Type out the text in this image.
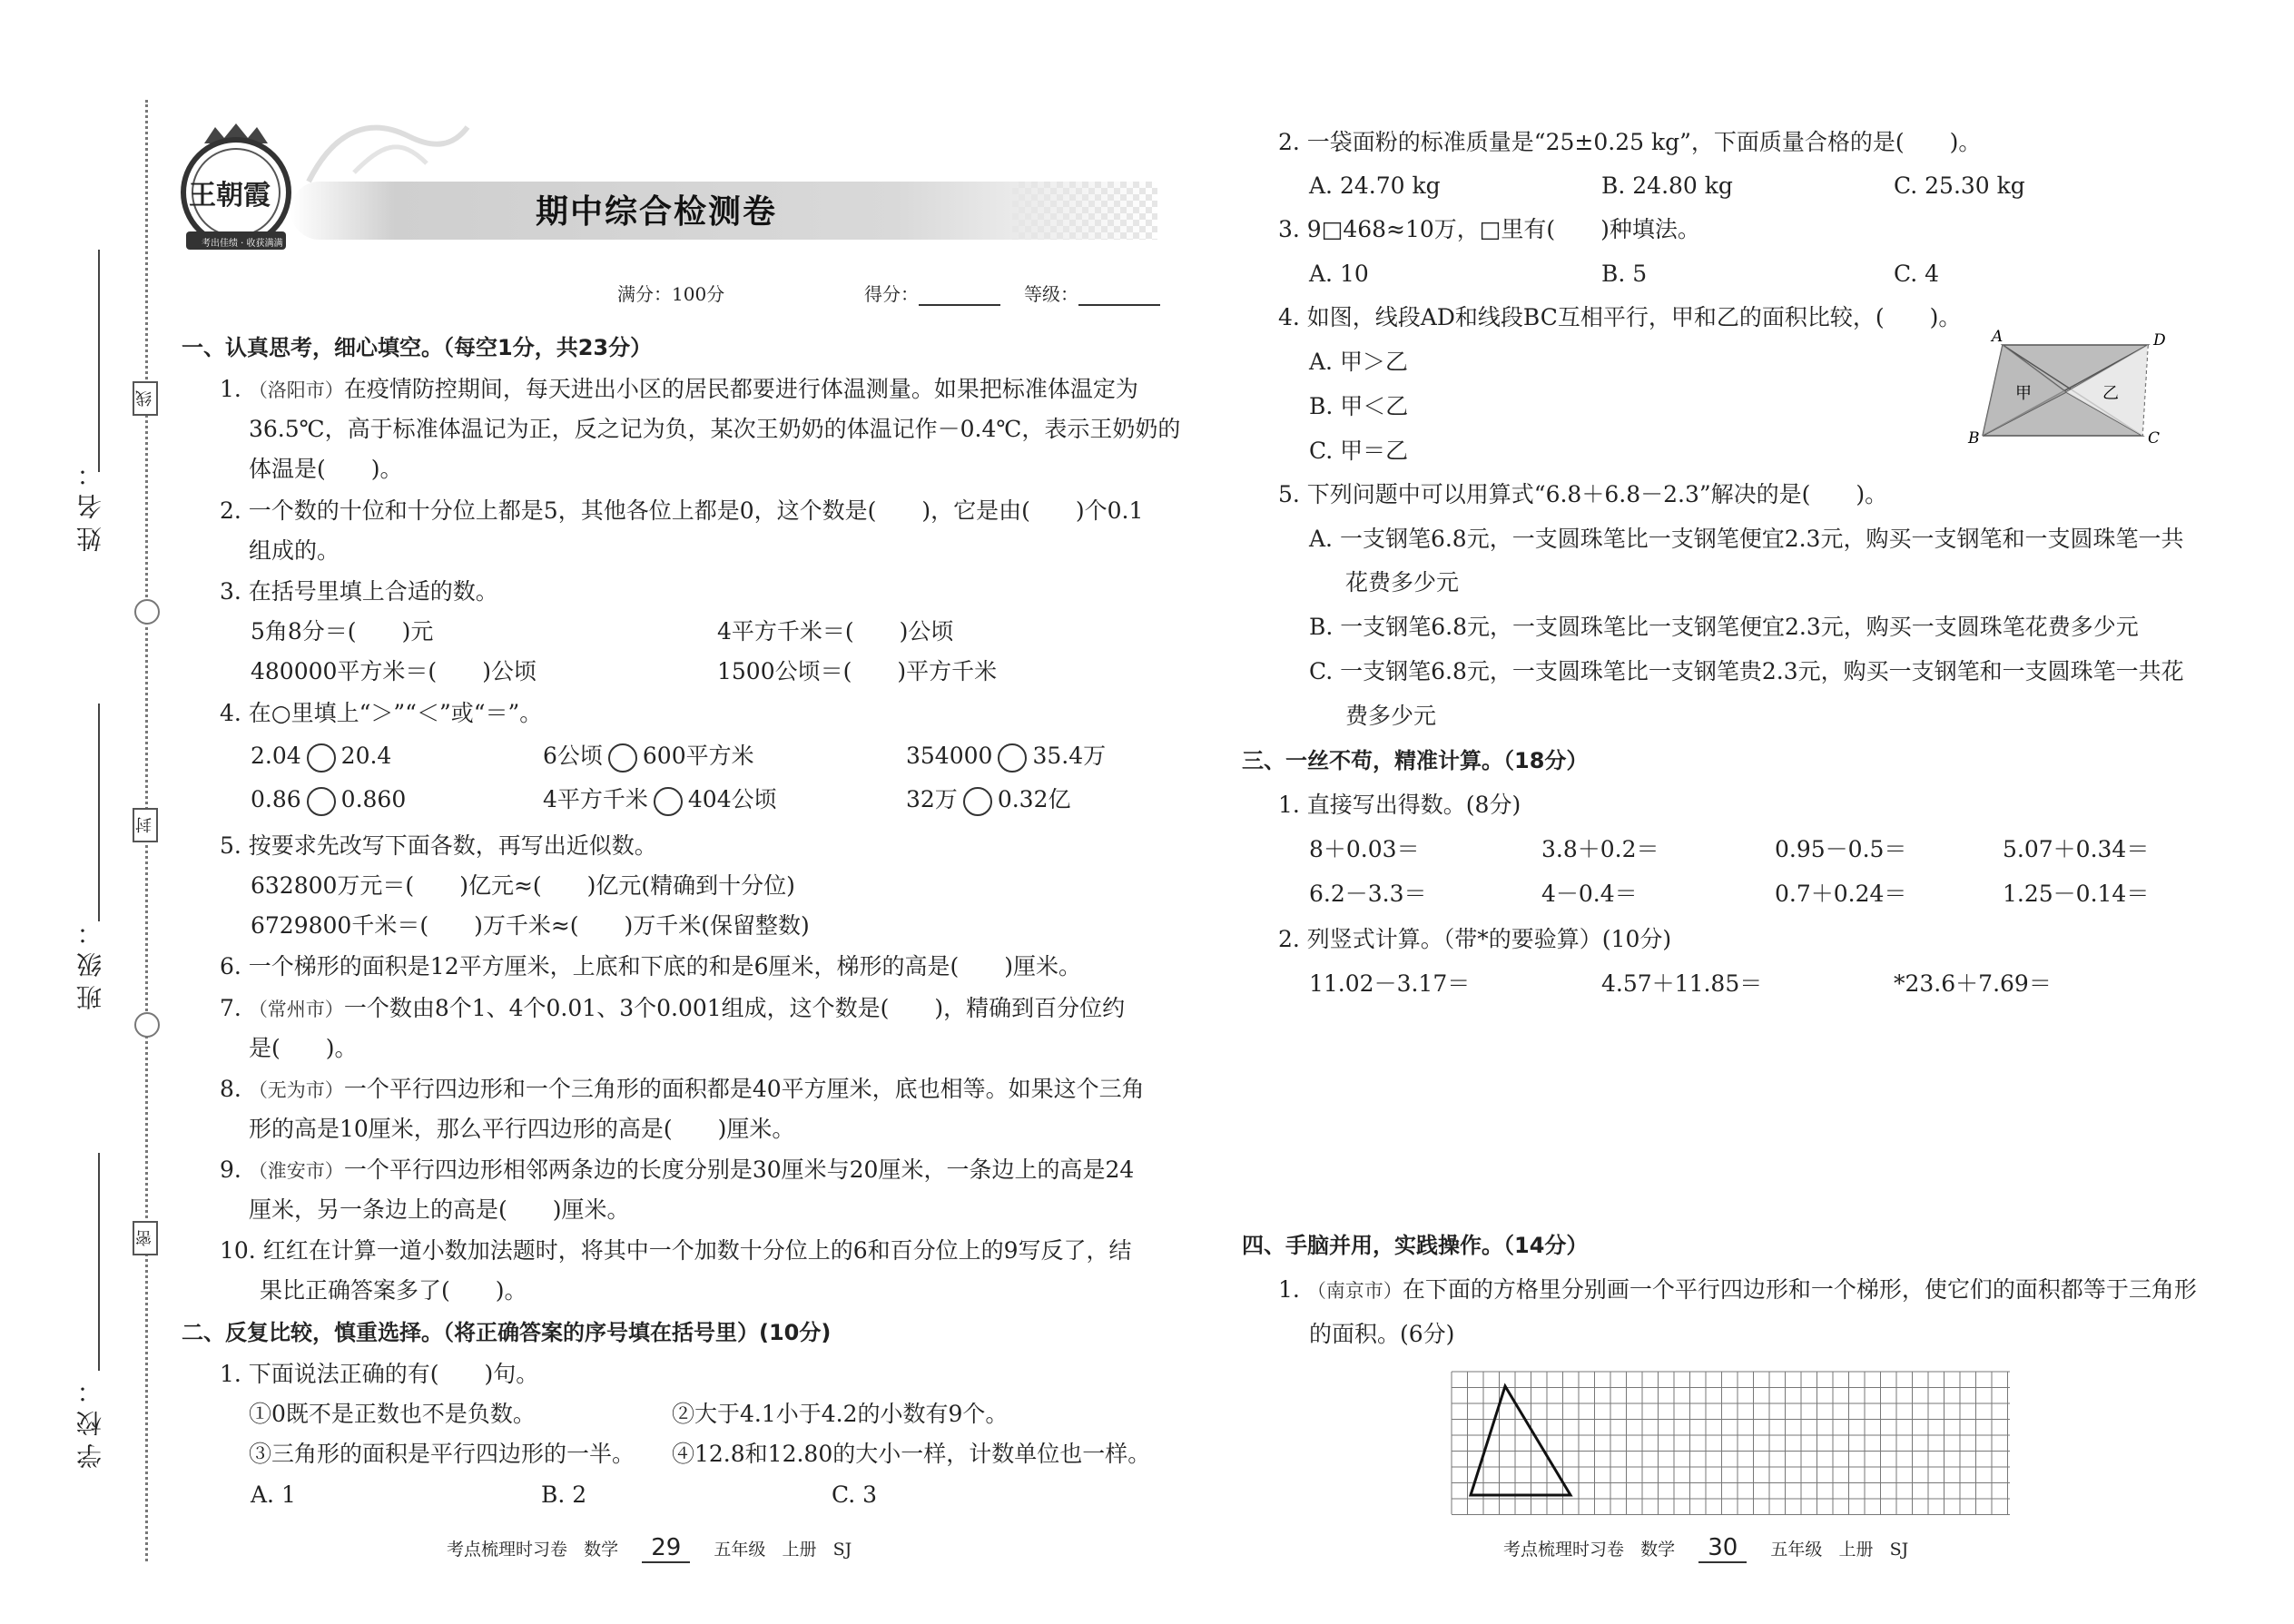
姓名：
线
班级：
封
学校：
密
王朝霞
考出佳绩 · 收获满满
期中综合检测卷
满分：100分	得分：	等级：
一、认真思考，细心填空。（每空1分，共23分）
1. （洛阳市）在疫情防控期间，每天进出小区的居民都要进行体温测量。如果把标准体温定为
36.5℃，高于标准体温记为正，反之记为负，某次王奶奶的体温记作－0.4℃，表示王奶奶的
体温是(　　)。
2. 一个数的十位和十分位上都是5，其他各位上都是0，这个数是(　　)，它是由(　　)个0.1
组成的。
3. 在括号里填上合适的数。
5角8分＝(　　)元	4平方千米＝(　　)公顷
480000平方米＝(　　)公顷	1500公顷＝(　　)平方千米
4. 在○里填上“＞”“＜”或“＝”。
2.04 20.4	6公顷 600平方米	354000 35.4万
0.86 0.860	4平方千米 404公顷	32万 0.32亿
5. 按要求先改写下面各数，再写出近似数。
632800万元＝(　　)亿元≈(　　)亿元(精确到十分位)
6729800千米＝(　　)万千米≈(　　)万千米(保留整数)
6. 一个梯形的面积是12平方厘米，上底和下底的和是6厘米，梯形的高是(　　)厘米。
7. （常州市）一个数由8个1、4个0.01、3个0.001组成，这个数是(　　)，精确到百分位约
是(　　)。
8. （无为市）一个平行四边形和一个三角形的面积都是40平方厘米，底也相等。如果这个三角
形的高是10厘米，那么平行四边形的高是(　　)厘米。
9. （淮安市）一个平行四边形相邻两条边的长度分别是30厘米与20厘米，一条边上的高是24
厘米，另一条边上的高是(　　)厘米。
10. 红红在计算一道小数加法题时，将其中一个加数十分位上的6和百分位上的9写反了，结
果比正确答案多了(　　)。
二、反复比较，慎重选择。（将正确答案的序号填在括号里）(10分)
1. 下面说法正确的有(　　)句。
①0既不是正数也不是负数。	②大于4.1小于4.2的小数有9个。
③三角形的面积是平行四边形的一半。 ④12.8和12.80的大小一样，计数单位也一样。
A. 1	B. 2	C. 3
考点梳理时习卷 数学 29 五年级 上册 SJ
2. 一袋面粉的标准质量是“25±0.25 kg”，下面质量合格的是(　　)。
A. 24.70 kg	B. 24.80 kg	C. 25.30 kg
3. 9□468≈10万，□里有(　　)种填法。
A. 10	B. 5	C. 4
4. 如图，线段AD和线段BC互相平行，甲和乙的面积比较，(　　)。
A. 甲＞乙
B. 甲＜乙
C. 甲＝乙
A	D
B	C
甲	乙
5. 下列问题中可以用算式“6.8＋6.8－2.3”解决的是(　　)。
A. 一支钢笔6.8元，一支圆珠笔比一支钢笔便宜2.3元，购买一支钢笔和一支圆珠笔一共
花费多少元
B. 一支钢笔6.8元，一支圆珠笔比一支钢笔便宜2.3元，购买一支圆珠笔花费多少元
C. 一支钢笔6.8元，一支圆珠笔比一支钢笔贵2.3元，购买一支钢笔和一支圆珠笔一共花
费多少元
三、一丝不苟，精准计算。（18分）
1. 直接写出得数。(8分)
8＋0.03＝	3.8＋0.2＝	0.95－0.5＝	5.07＋0.34＝
6.2－3.3＝	4－0.4＝	0.7＋0.24＝	1.25－0.14＝
2. 列竖式计算。（带*的要验算）(10分)
11.02－3.17＝	4.57＋11.85＝	*23.6＋7.69＝
四、手脑并用，实践操作。（14分）
1. （南京市）在下面的方格里分别画一个平行四边形和一个梯形，使它们的面积都等于三角形
的面积。(6分)
考点梳理时习卷 数学 30 五年级 上册 SJ
